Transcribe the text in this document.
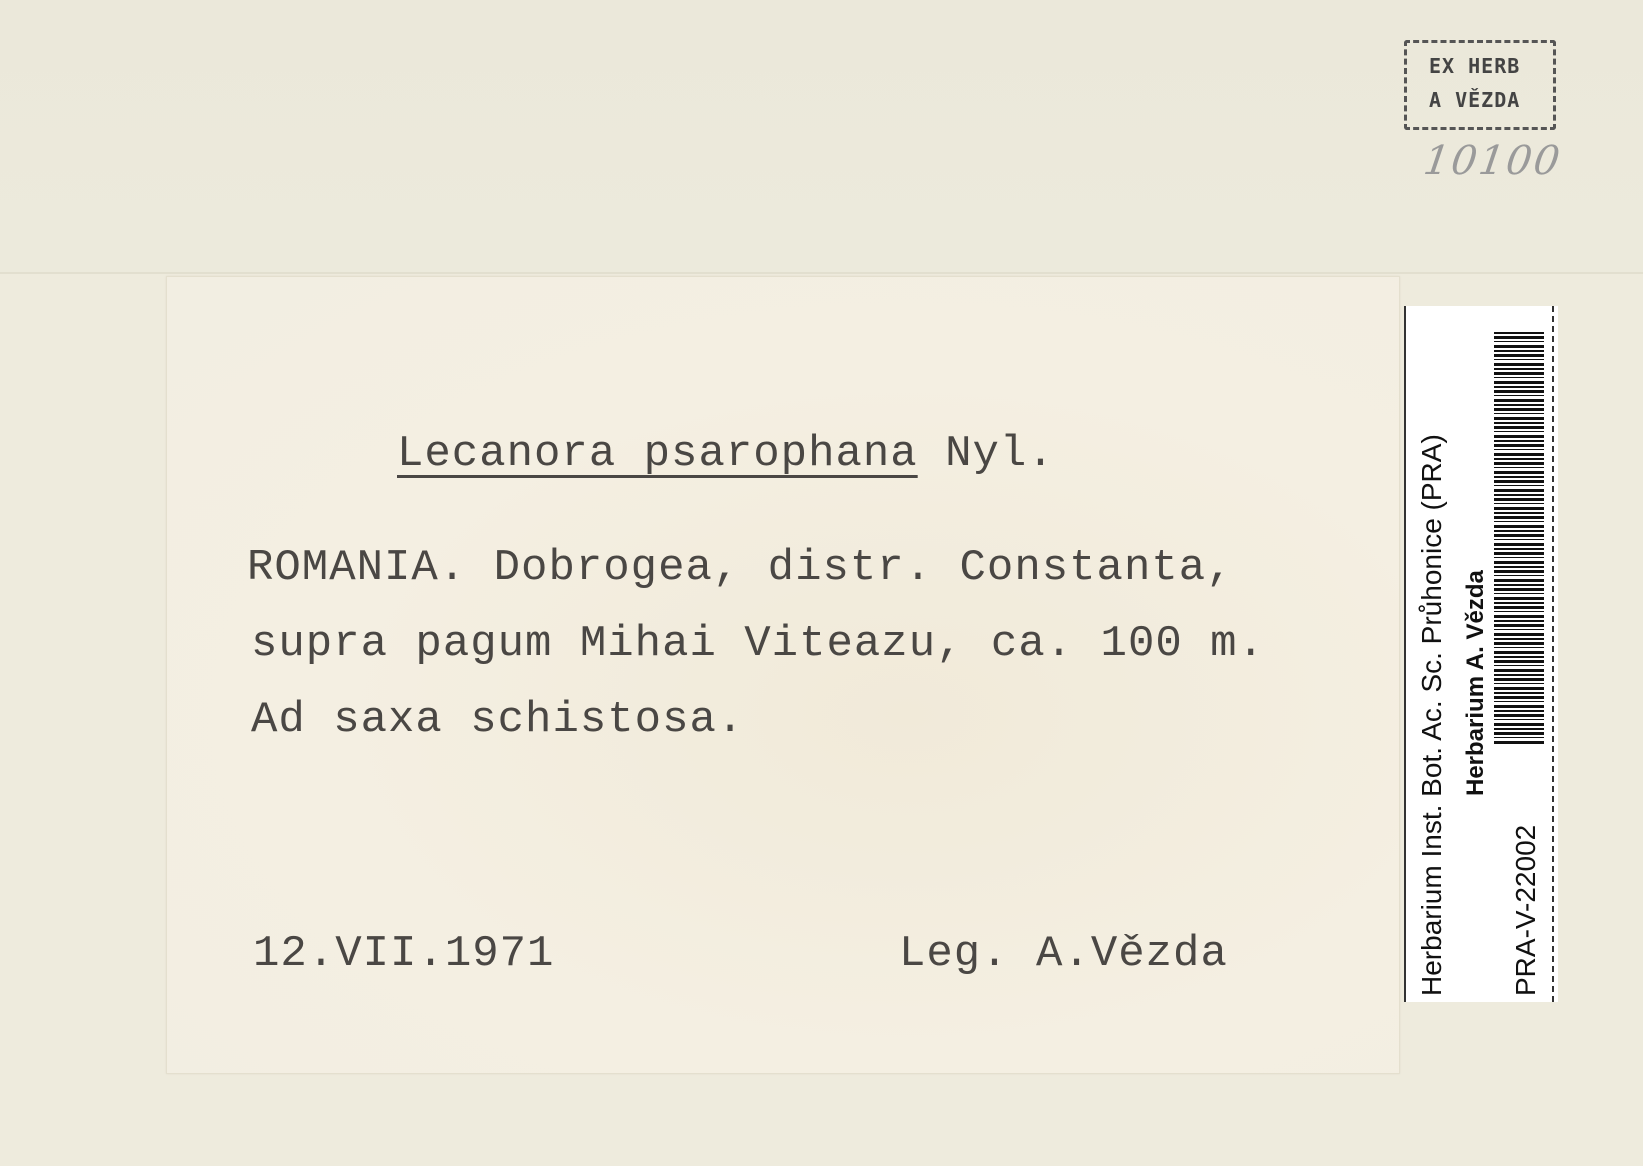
EX HERB
A VĚZDA
10100
Lecanora psarophana Nyl.
ROMANIA. Dobrogea, distr. Constanta,
supra pagum Mihai Viteazu, ca. 100 m.
Ad saxa schistosa.
12.VII.1971	Leg. A.Vězda	Herbarium Inst. Bot. Ac. Sc. Průhonice (PRA) Herbarium A. Vězda
PRA-V-22002
